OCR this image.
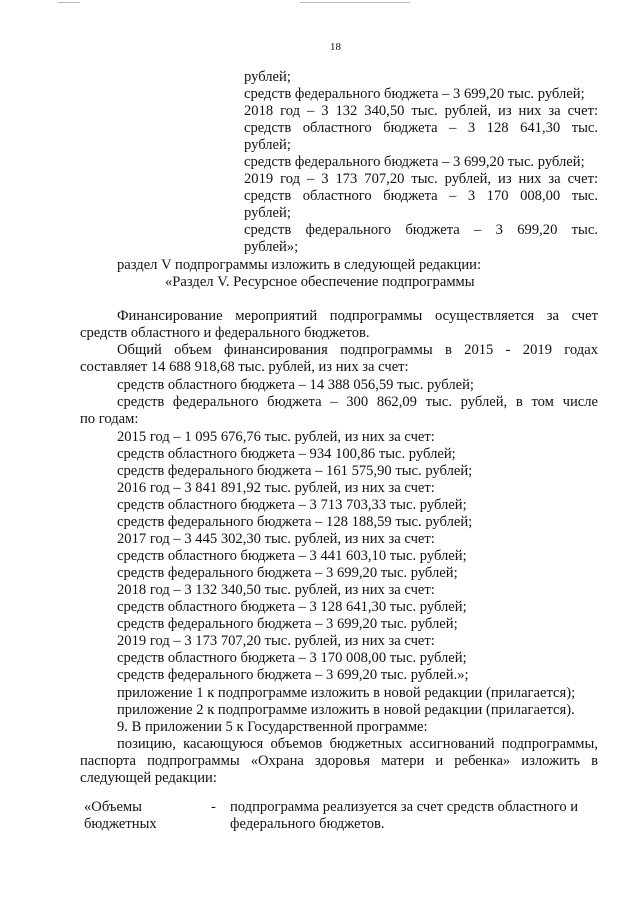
18
рублей;
средств федерального бюджета – 3 699,20 тыс. рублей;
2018 год – 3 132 340,50 тыс. рублей, из них за счет:
средств областного бюджета – 3 128 641,30 тыс.
рублей;
средств федерального бюджета – 3 699,20 тыс. рублей;
2019 год – 3 173 707,20 тыс. рублей, из них за счет:
средств областного бюджета – 3 170 008,00 тыс.
рублей;
средств федерального бюджета – 3 699,20 тыс.
рублей»;
раздел V подпрограммы изложить в следующей редакции:
«Раздел V. Ресурсное обеспечение подпрограммы
Финансирование мероприятий подпрограммы осуществляется за счет
средств областного и федерального бюджетов.
Общий объем финансирования подпрограммы в 2015 - 2019 годах
составляет 14 688 918,68 тыс. рублей, из них за счет:
средств областного бюджета – 14 388 056,59 тыс. рублей;
средств федерального бюджета – 300 862,09 тыс. рублей, в том числе
по годам:
2015 год – 1 095 676,76 тыс. рублей, из них за счет:
средств областного бюджета – 934 100,86 тыс. рублей;
средств федерального бюджета – 161 575,90 тыс. рублей;
2016 год – 3 841 891,92 тыс. рублей, из них за счет:
средств областного бюджета – 3 713 703,33 тыс. рублей;
средств федерального бюджета – 128 188,59 тыс. рублей;
2017 год – 3 445 302,30 тыс. рублей, из них за счет:
средств областного бюджета – 3 441 603,10 тыс. рублей;
средств федерального бюджета – 3 699,20 тыс. рублей;
2018 год – 3 132 340,50 тыс. рублей, из них за счет:
средств областного бюджета – 3 128 641,30 тыс. рублей;
средств федерального бюджета – 3 699,20 тыс. рублей;
2019 год – 3 173 707,20 тыс. рублей, из них за счет:
средств областного бюджета – 3 170 008,00 тыс. рублей;
средств федерального бюджета – 3 699,20 тыс. рублей.»;
приложение 1 к подпрограмме изложить в новой редакции (прилагается);
приложение 2 к подпрограмме изложить в новой редакции (прилагается).
9. В приложении 5 к Государственной программе:
позицию, касающуюся объемов бюджетных ассигнований подпрограммы,
паспорта подпрограммы «Охрана здоровья матери и ребенка» изложить в
следующей редакции:
«Объемы
бюджетных
- подпрограмма реализуется за счет средств областного и
федерального бюджетов.
